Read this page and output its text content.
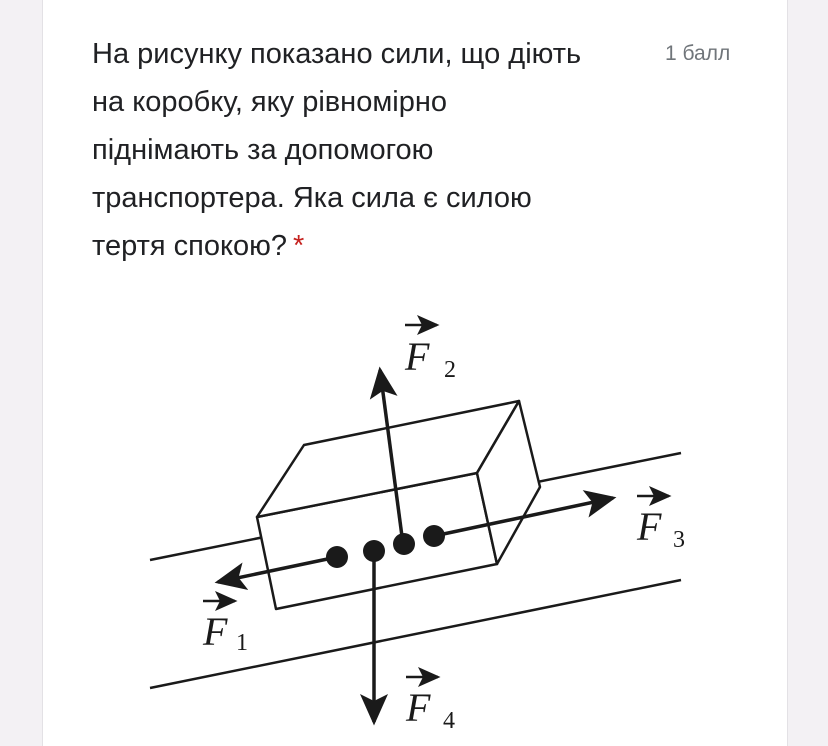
На рисунку показано сили, що діють
на коробку, яку рівномірно
піднімають за допомогою
транспортера. Яка сила є силою
тертя спокою? *
1 балл
F 2
F 3
F 1
F 4
